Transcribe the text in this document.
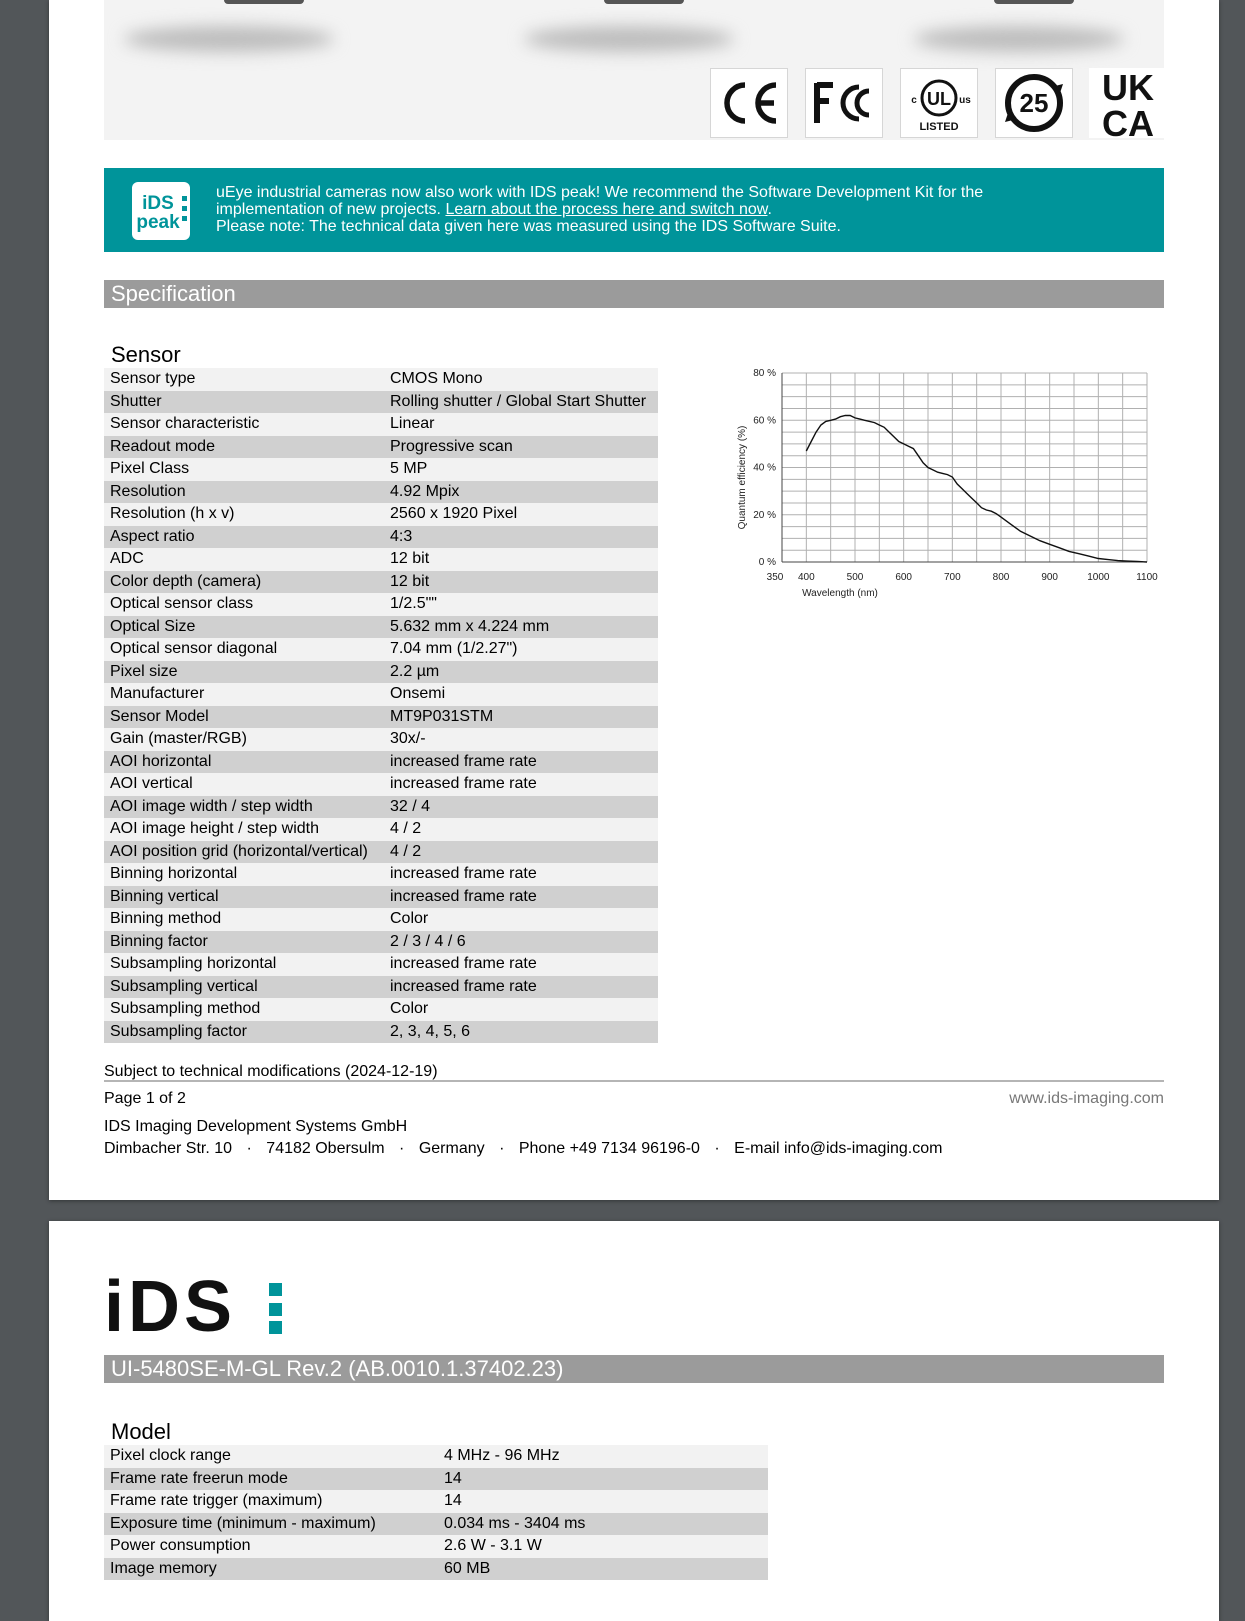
UL
c	us
LISTED
25 UK
CA
iDS
peak
uEye industrial cameras now also work with IDS peak! We recommend the Software Development Kit for the
implementation of new projects. Learn about the process here and switch now.
Please note: The technical data given here was measured using the IDS Software Suite.
Specification
Sensor
Sensor type	CMOS Mono
Shutter	Rolling shutter / Global Start Shutter
Sensor characteristic	Linear
Readout mode	Progressive scan
Pixel Class	5 MP
Resolution	4.92 Mpix
Resolution (h x v)	2560 x 1920 Pixel
Aspect ratio	4:3
ADC	12 bit
Color depth (camera)	12 bit
Optical sensor class	1/2.5""
Optical Size	5.632 mm x 4.224 mm
Optical sensor diagonal	7.04 mm (1/2.27")
Pixel size	2.2 µm
Manufacturer	Onsemi
Sensor Model	MT9P031STM
Gain (master/RGB)	30x/-
AOI horizontal	increased frame rate
AOI vertical	increased frame rate
AOI image width / step width	32 / 4
AOI image height / step width	4 / 2
AOI position grid (horizontal/vertical)	4 / 2
Binning horizontal	increased frame rate
Binning vertical	increased frame rate
Binning method	Color
Binning factor	2 / 3 / 4 / 6
Subsampling horizontal	increased frame rate
Subsampling vertical	increased frame rate
Subsampling method	Color
Subsampling factor	2, 3, 4, 5, 6
350 400	500	600	700	800	900	1000	1100
0 %
20 %
40 %
60 %
80 %
Wavelength (nm)
Quantum efficiency (%)
Subject to technical modifications (2024-12-19)
Page 1 of 2	www.ids-imaging.com
IDS Imaging Development Systems GmbH
Dimbacher Str. 10 · 74182 Obersulm · Germany · Phone +49 7134 96196-0 · E-mail info@ids-imaging.com
iDS
UI-5480SE-M-GL Rev.2 (AB.0010.1.37402.23)
Model
Pixel clock range	4 MHz - 96 MHz
Frame rate freerun mode	14
Frame rate trigger (maximum)	14
Exposure time (minimum - maximum)	0.034 ms - 3404 ms
Power consumption	2.6 W - 3.1 W
Image memory	60 MB
